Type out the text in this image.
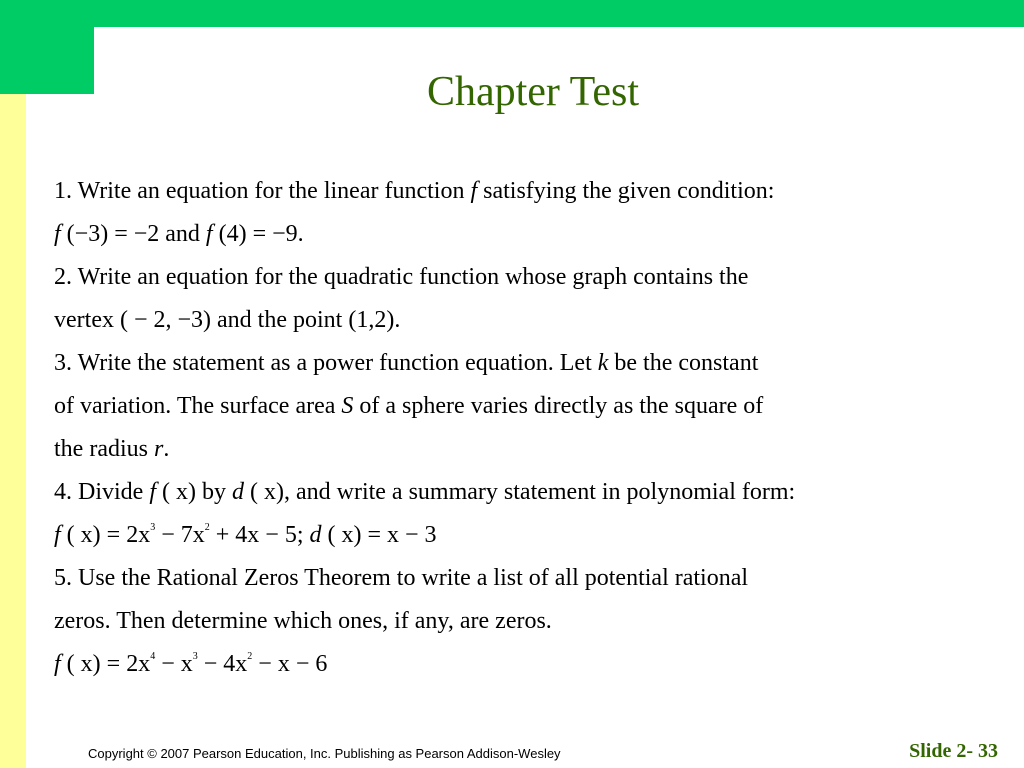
Chapter Test
1. Write an equation for the linear function f satisfying the given condition:
f (−3) = −2 and f (4) = −9.
2. Write an equation for the quadratic function whose graph contains the
vertex ( − 2, −3) and the point (1,2).
3. Write the statement as a power function equation. Let k be the constant
of variation. The surface area S of a sphere varies directly as the square of
the radius r.
4. Divide f ( x) by d ( x), and write a summary statement in polynomial form:
f ( $x) = 2x^3 - 7x^2 + 4x - 5$; d ( x) = x − 3
5. Use the Rational Zeros Theorem to write a list of all potential rational
zeros. Then determine which ones, if any, are zeros.
f ( $x) = 2x^4 - x^3 - 4x^2 - x - 6$
Copyright © 2007 Pearson Education, Inc. Publishing as Pearson Addison-Wesley	Slide 2- 33
